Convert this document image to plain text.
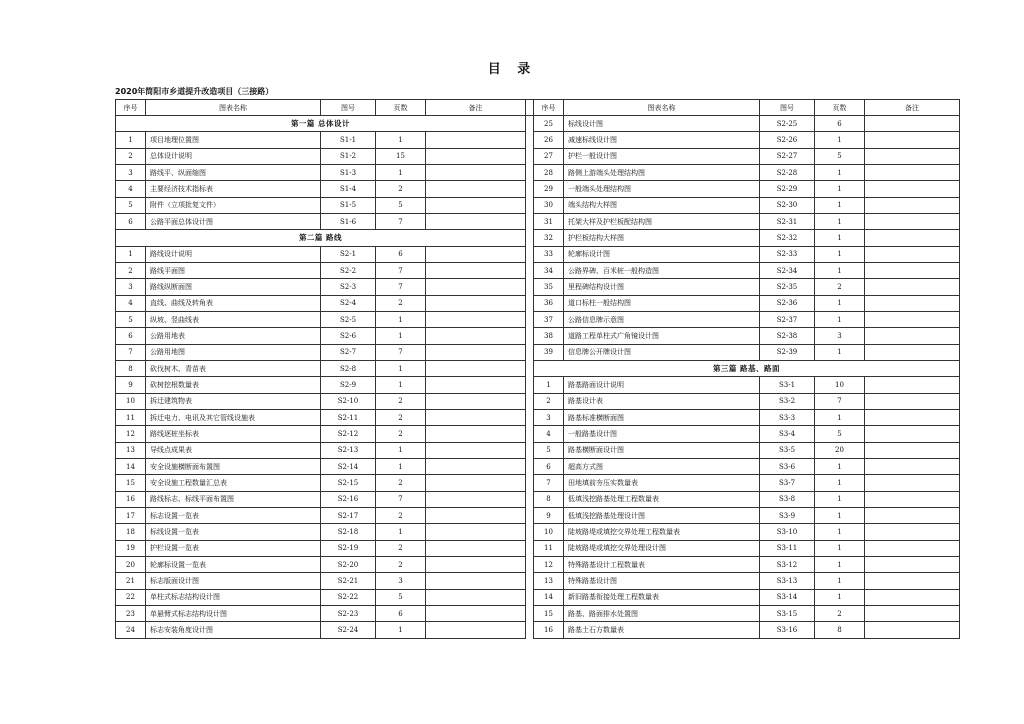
目 录
2020年简阳市乡道提升改造项目（三接路）
序号	图表名称	图号	页数	备注		序号	图表名称	图号	页数	备注
第一篇 总体设计						25	标线设计图	S2-25	6	
1	项目地理位置图	S1-1	1			26	减速标线设计图	S2-26	1	
2	总体设计说明	S1-2	15			27	护栏一般设计图	S2-27	5	
3	路线平、纵面缩图	S1-3	1			28	路侧上游端头处理结构图	S2-28	1	
4	主要经济技术指标表	S1-4	2			29	一般端头处理结构图	S2-29	1	
5	附件（立项批复文件）	S1-5	5			30	端头结构大样图	S2-30	1	
6	公路平面总体设计图	S1-6	7			31	托架大样及护栏板配结构图	S2-31	1	
第二篇 路线						32	护栏板结构大样图	S2-32	1	
1	路线设计说明	S2-1	6			33	轮廓标设计图	S2-33	1	
2	路线平面图	S2-2	7			34	公路界碑、百米桩一般构造图	S2-34	1	
3	路线纵断面图	S2-3	7			35	里程碑结构设计图	S2-35	2	
4	直线、曲线及转角表	S2-4	2			36	道口标柱一般结构图	S2-36	1	
5	纵坡、竖曲线表	S2-5	1			37	公路信息牌示意图	S2-37	1	
6	公路用地表	S2-6	1			38	道路工程单柱式广角镜设计图	S2-38	3	
7	公路用地图	S2-7	7			39	信息牌公开牌设计图	S2-39	1	
8	砍伐树木、青苗表	S2-8	1			第三篇 路基、路面				
9	砍树挖根数量表	S2-9	1			1	路基路面设计说明	S3-1	10	
10	拆迁建筑物表	S2-10	2			2	路基设计表	S3-2	7	
11	拆迁电力、电讯及其它管线设施表	S2-11	2			3	路基标准横断面图	S3-3	1	
12	路线逐桩坐标表	S2-12	2			4	一般路基设计图	S3-4	5	
13	导线点成果表	S2-13	1			5	路基横断面设计图	S3-5	20	
14	安全设施横断面布置图	S2-14	1			6	超高方式图	S3-6	1	
15	安全设施工程数量汇总表	S2-15	2			7	田地填前夯压实数量表	S3-7	1	
16	路线标志、标线平面布置图	S2-16	7			8	低填浅挖路基处理工程数量表	S3-8	1	
17	标志设置一览表	S2-17	2			9	低填浅挖路基处理设计图	S3-9	1	
18	标线设置一览表	S2-18	1			10	陡坡路堤或填挖交界处理工程数量表	S3-10	1	
19	护栏设置一览表	S2-19	2			11	陡坡路堤或填挖交界处理设计图	S3-11	1	
20	轮廓标设置一览表	S2-20	2			12	特殊路基设计工程数量表	S3-12	1	
21	标志版面设计图	S2-21	3			13	特殊路基设计图	S3-13	1	
22	单柱式标志结构设计图	S2-22	5			14	新旧路基衔接处理工程数量表	S3-14	1	
23	单悬臂式标志结构设计图	S2-23	6			15	路基、路面排水处置图	S3-15	2	
24	标志安装角度设计图	S2-24	1			16	路基土石方数量表	S3-16	8	
